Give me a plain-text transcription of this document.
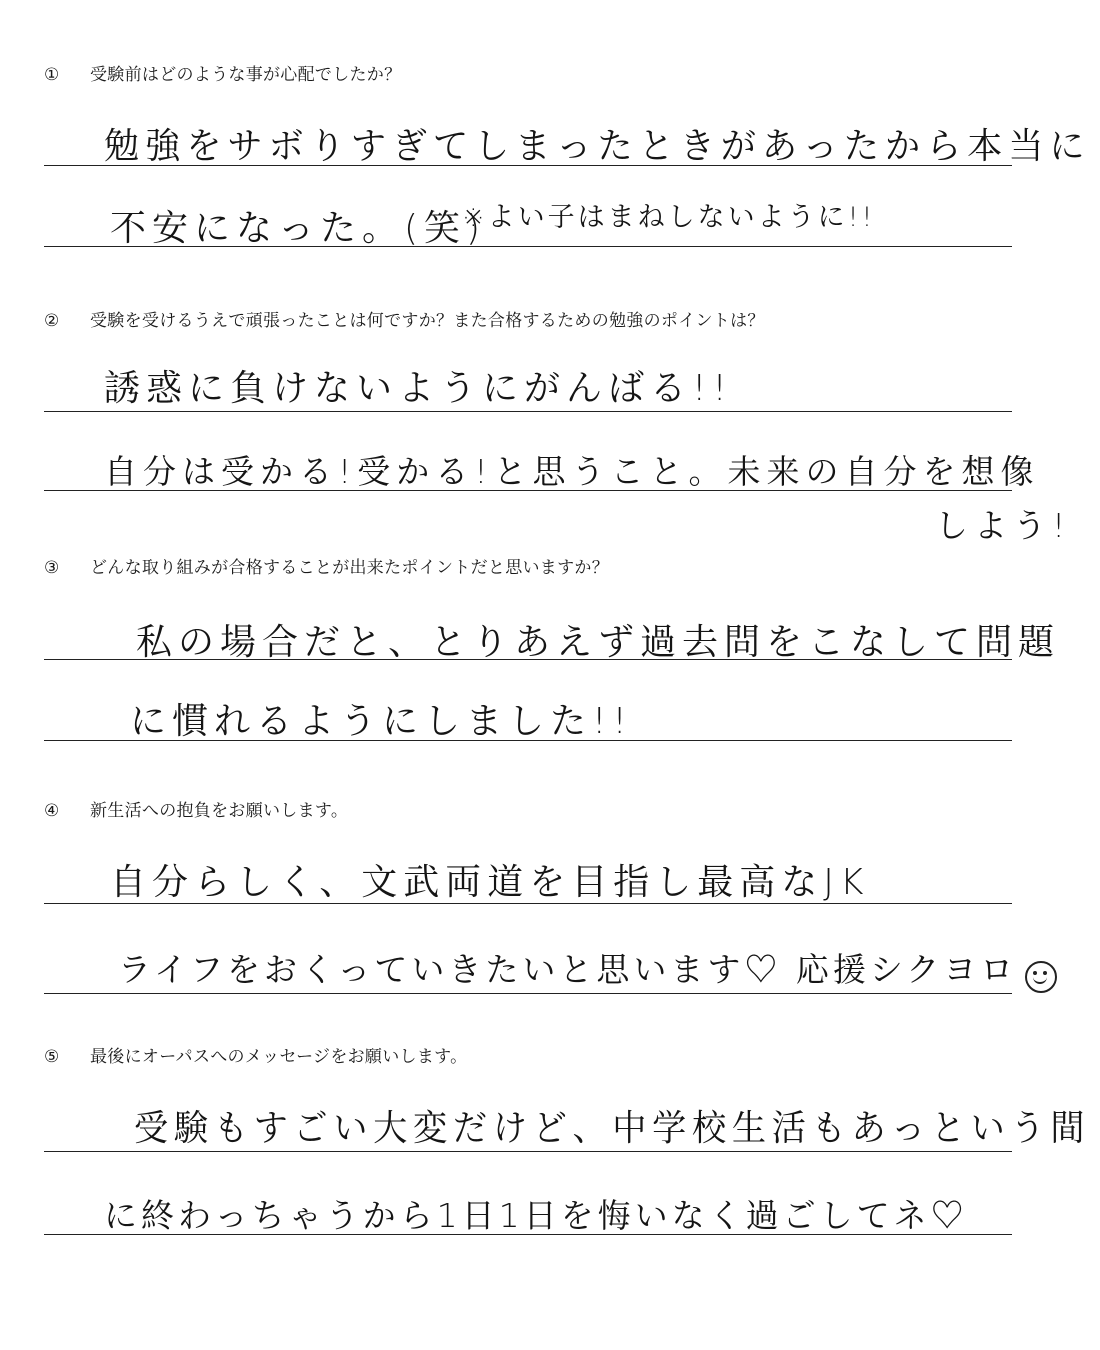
① 受験前はどのような事が心配でしたか？
勉強をサボりすぎてしまったときがあったから本当に
不安になった。(笑)
※よい子はまねしないように!!
② 受験を受けるうえで頑張ったことは何ですか？また合格するための勉強のポイントは？
誘惑に負けないようにがんばる!!
自分は受かる!受かる!と思うこと。未来の自分を想像
しよう!
③ どんな取り組みが合格することが出来たポイントだと思いますか？
私の場合だと、とりあえず過去問をこなして問題
に慣れるようにしました!!
④ 新生活への抱負をお願いします。
自分らしく、文武両道を目指し最高なJK
ライフをおくっていきたいと思います♡ 応援シクヨロ
⑤ 最後にオーパスへのメッセージをお願いします。
受験もすごい大変だけど、中学校生活もあっという間
に終わっちゃうから1日1日を悔いなく過ごしてネ♡
